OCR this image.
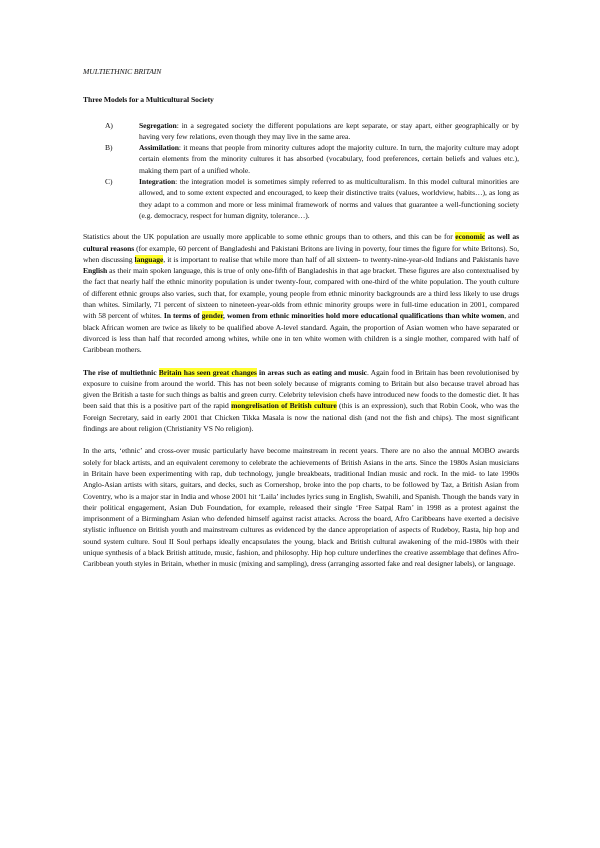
MULTIETHNIC BRITAIN
Three Models for a Multicultural Society
A)	Segregation: in a segregated society the different populations are kept separate, or stay apart, either geographically or by having very few relations, even though they may live in the same area.
B)	Assimilation: it means that people from minority cultures adopt the majority culture. In turn, the majority culture may adopt certain elements from the minority cultures it has absorbed (vocabulary, food preferences, certain beliefs and values etc.), making them part of a unified whole.
C)	Integration: the integration model is sometimes simply referred to as multiculturalism. In this model cultural minorities are allowed, and to some extent expected and encouraged, to keep their distinctive traits (values, worldview, habits…), as long as they adapt to a common and more or less minimal framework of norms and values that guarantee a well-functioning society (e.g. democracy, respect for human dignity, tolerance…).

Statistics about the UK population are usually more applicable to some ethnic groups than to others, and this can be for economic as well as cultural reasons (for example, 60 percent of Bangladeshi and Pakistani Britons are living in poverty, four times the figure for white Britons). So, when discussing language, it is important to realise that while more than half of all sixteen- to twenty-nine-year-old Indians and Pakistanis have English as their main spoken language, this is true of only one-fifth of Bangladeshis in that age bracket. These figures are also contextualised by the fact that nearly half the ethnic minority population is under twenty-four, compared with one-third of the white population. The youth culture of different ethnic groups also varies, such that, for example, young people from ethnic minority backgrounds are a third less likely to use drugs than whites. Similarly, 71 percent of sixteen to nineteen-year-olds from ethnic minority groups were in full-time education in 2001, compared with 58 percent of whites. In terms of gender, women from ethnic minorities hold more educational qualifications than white women, and black African women are twice as likely to be qualified above A-level standard. Again, the proportion of Asian women who have separated or divorced is less than half that recorded among whites, while one in ten white women with children is a single mother, compared with half of Caribbean mothers.

The rise of multiethnic Britain has seen great changes in areas such as eating and music. Again food in Britain has been revolutionised by exposure to cuisine from around the world. This has not been solely because of migrants coming to Britain but also because travel abroad has given the British a taste for such things as baltis and green curry. Celebrity television chefs have introduced new foods to the domestic diet. It has been said that this is a positive part of the rapid mongrelisation of British culture (this is an expression), such that Robin Cook, who was the Foreign Secretary, said in early 2001 that Chicken Tikka Masala is now the national dish (and not the fish and chips). The most significant findings are about religion (Christianity VS No religion).

In the arts, ‘ethnic’ and cross-over music particularly have become mainstream in recent years. There are no also the annual MOBO awards solely for black artists, and an equivalent ceremony to celebrate the achievements of British Asians in the arts. Since the 1980s Asian musicians in Britain have been experimenting with rap, dub technology, jungle breakbeats, traditional Indian music and rock. In the mid- to late 1990s Anglo-Asian artists with sitars, guitars, and decks, such as Cornershop, broke into the pop charts, to be followed by Taz, a British Asian from Coventry, who is a major star in India and whose 2001 hit ‘Laila’ includes lyrics sung in English, Swahili, and Spanish. Though the bands vary in their political engagement, Asian Dub Foundation, for example, released their single ‘Free Satpal Ram’ in 1998 as a protest against the imprisonment of a Birmingham Asian who defended himself against racist attacks. Across the board, Afro Caribbeans have exerted a decisive stylistic influence on British youth and mainstream cultures as evidenced by the dance appropriation of aspects of Rudeboy, Rasta, hip hop and sound system culture. Soul II Soul perhaps ideally encapsulates the young, black and British cultural awakening of the mid-1980s with their unique synthesis of a black British attitude, music, fashion, and philosophy. Hip hop culture underlines the creative assemblage that defines Afro-Caribbean youth styles in Britain, whether in music (mixing and sampling), dress (arranging assorted fake and real designer labels), or language.
